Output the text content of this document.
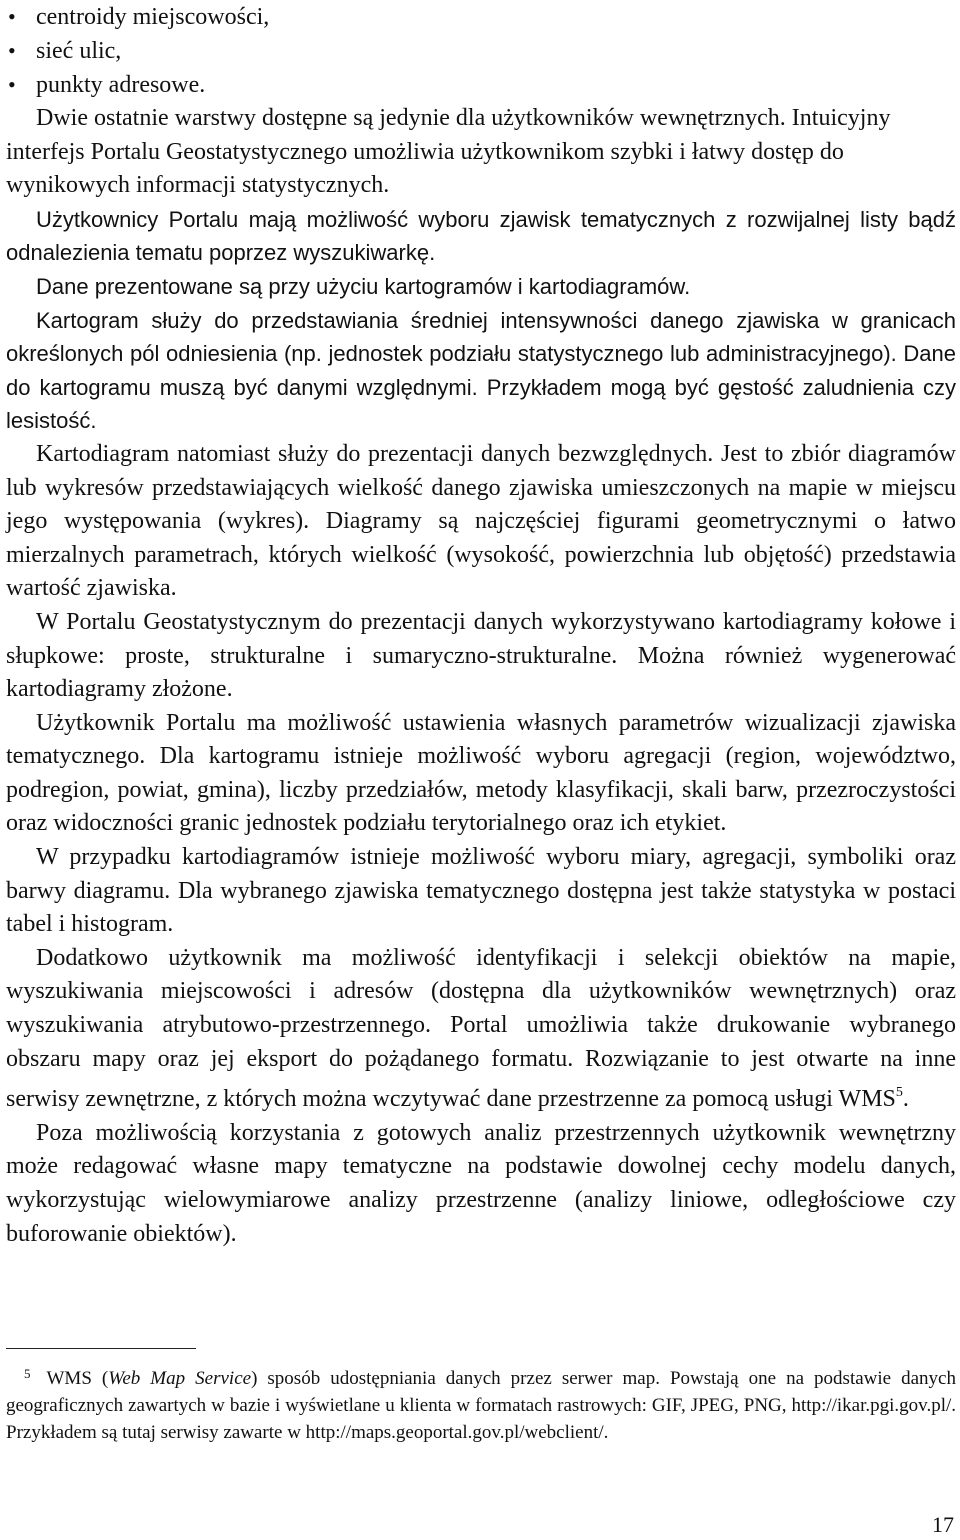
• centroidy miejscowości,
• sieć ulic,
• punkty adresowe.

Dwie ostatnie warstwy dostępne są jedynie dla użytkowników wewnętrznych. Intuicyjny interfejs Portalu Geostatystycznego umożliwia użytkownikom szybki i łatwy dostęp do wynikowych informacji statystycznych.

Użytkownicy Portalu mają możliwość wyboru zjawisk tematycznych z rozwijalnej listy bądź odnalezienia tematu poprzez wyszukiwarkę.

Dane prezentowane są przy użyciu kartogramów i kartodiagramów.

Kartogram służy do przedstawiania średniej intensywności danego zjawiska w granicach określonych pól odniesienia (np. jednostek podziału statystycznego lub administracyjnego). Dane do kartogramu muszą być danymi względnymi. Przykładem mogą być gęstość zaludnienia czy lesistość.

Kartodiagram natomiast służy do prezentacji danych bezwzględnych. Jest to zbiór diagramów lub wykresów przedstawiających wielkość danego zjawiska umieszczonych na mapie w miejscu jego występowania (wykres). Diagramy są najczęściej figurami geometrycznymi o łatwo mierzalnych parametrach, których wielkość (wysokość, powierzchnia lub objętość) przedstawia wartość zjawiska.

W Portalu Geostatystycznym do prezentacji danych wykorzystywano kartodiagramy kołowe i słupkowe: proste, strukturalne i sumaryczno-strukturalne. Można również wygenerować kartodiagramy złożone.

Użytkownik Portalu ma możliwość ustawienia własnych parametrów wizualizacji zjawiska tematycznego. Dla kartogramu istnieje możliwość wyboru agregacji (region, województwo, podregion, powiat, gmina), liczby przedziałów, metody klasyfikacji, skali barw, przezroczystości oraz widoczności granic jednostek podziału terytorialnego oraz ich etykiet.

W przypadku kartodiagramów istnieje możliwość wyboru miary, agregacji, symboliki oraz barwy diagramu. Dla wybranego zjawiska tematycznego dostępna jest także statystyka w postaci tabel i histogram.

Dodatkowo użytkownik ma możliwość identyfikacji i selekcji obiektów na mapie, wyszukiwania miejscowości i adresów (dostępna dla użytkowników wewnętrznych) oraz wyszukiwania atrybutowo-przestrzennego. Portal umożliwia także drukowanie wybranego obszaru mapy oraz jej eksport do pożądanego formatu. Rozwiązanie to jest otwarte na inne serwisy zewnętrzne, z których można wczytywać dane przestrzenne za pomocą usługi WMS$^5$.

Poza możliwością korzystania z gotowych analiz przestrzennych użytkownik wewnętrzny może redagować własne mapy tematyczne na podstawie dowolnej cechy modelu danych, wykorzystując wielowymiarowe analizy przestrzenne (analizy liniowe, odległościowe czy buforowanie obiektów).

$^5$ WMS (Web Map Service) sposób udostępniania danych przez serwer map. Powstają one na podstawie danych geograficznych zawartych w bazie i wyświetlane u klienta w formatach rastrowych: GIF, JPEG, PNG, http://ikar.pgi.gov.pl/. Przykładem są tutaj serwisy zawarte w http://maps.geoportal.gov.pl/webclient/.

17
